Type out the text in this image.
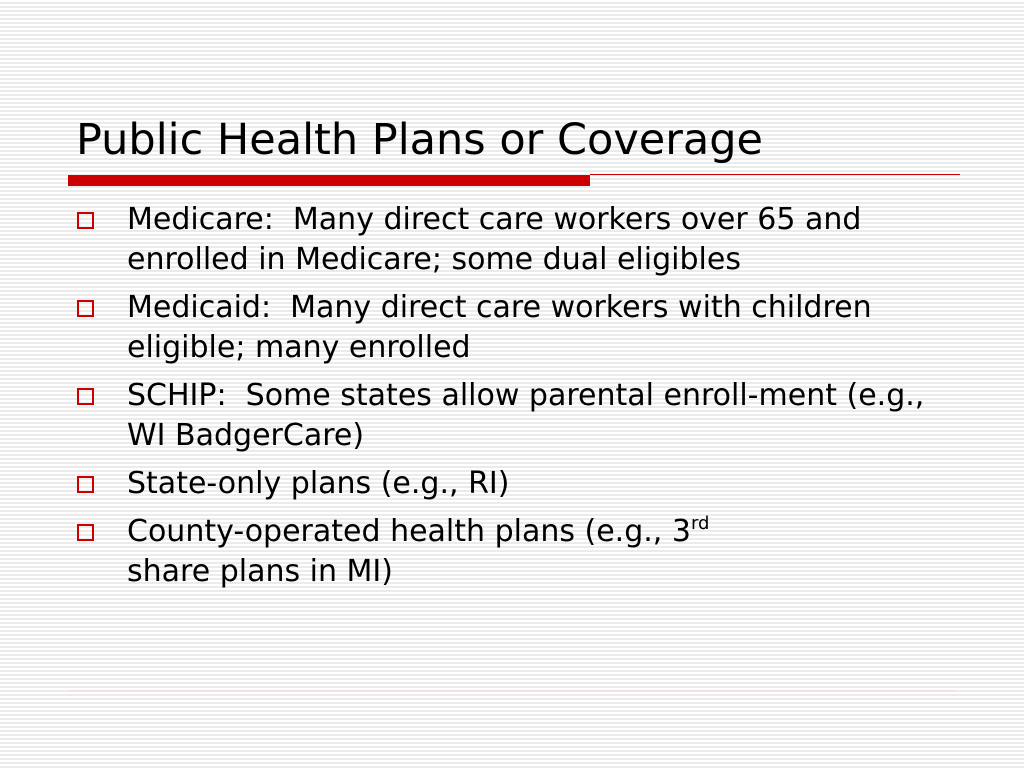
Public Health Plans or Coverage
Medicare:  Many direct care workers over 65 and enrolled in Medicare; some dual eligibles
Medicaid:  Many direct care workers with children eligible; many enrolled
SCHIP:  Some states allow parental enroll-ment (e.g., WI BadgerCare)
State-only plans (e.g., RI)
County-operated health plans (e.g., 3rd
share plans in MI)
